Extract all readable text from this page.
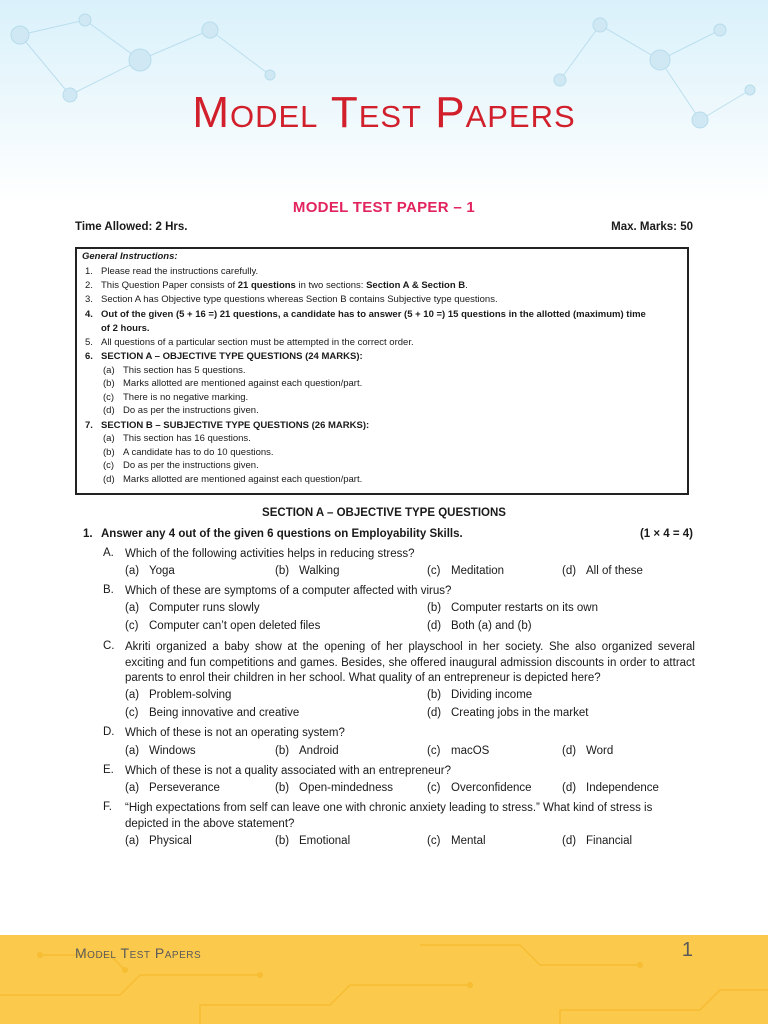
Model Test Papers
MODEL TEST PAPER – 1
Time Allowed: 2 Hrs.	Max. Marks: 50
General Instructions:
1. Please read the instructions carefully.
2. This Question Paper consists of 21 questions in two sections: Section A & Section B.
3. Section A has Objective type questions whereas Section B contains Subjective type questions.
4. Out of the given (5 + 16 =) 21 questions, a candidate has to answer (5 + 10 =) 15 questions in the allotted (maximum) time
of 2 hours.
5. All questions of a particular section must be attempted in the correct order.
6. SECTION A – OBJECTIVE TYPE QUESTIONS (24 MARKS):
(a) This section has 5 questions.
(b) Marks allotted are mentioned against each question/part.
(c) There is no negative marking.
(d) Do as per the instructions given.
7. SECTION B – SUBJECTIVE TYPE QUESTIONS (26 MARKS):
(a) This section has 16 questions.
(b) A candidate has to do 10 questions.
(c) Do as per the instructions given.
(d) Marks allotted are mentioned against each question/part.
SECTION A – OBJECTIVE TYPE QUESTIONS
1. Answer any 4 out of the given 6 questions on Employability Skills.	(1 × 4 = 4)
A. Which of the following activities helps in reducing stress?
(a) Yoga	(b) Walking	(c) Meditation	(d) All of these
B. Which of these are symptoms of a computer affected with virus?
(a) Computer runs slowly	(b) Computer restarts on its own
(c) Computer can’t open deleted files	(d) Both (a) and (b)
C. Akriti organized a baby show at the opening of her playschool in her society. She also organized several exciting and fun competitions and games. Besides, she offered inaugural admission discounts in order to attract parents to enrol their children in her school. What quality of an entrepreneur is depicted here?
(a) Problem-solving	(b) Dividing income
(c) Being innovative and creative	(d) Creating jobs in the market
D. Which of these is not an operating system?
(a) Windows	(b) Android	(c) macOS	(d) Word
E. Which of these is not a quality associated with an entrepreneur?
(a) Perseverance	(b) Open-mindedness	(c) Overconfidence	(d) Independence
F. “High expectations from self can leave one with chronic anxiety leading to stress.” What kind of stress is depicted in the above statement?
(a) Physical	(b) Emotional	(c) Mental	(d) Financial
Model Test Papers	1
